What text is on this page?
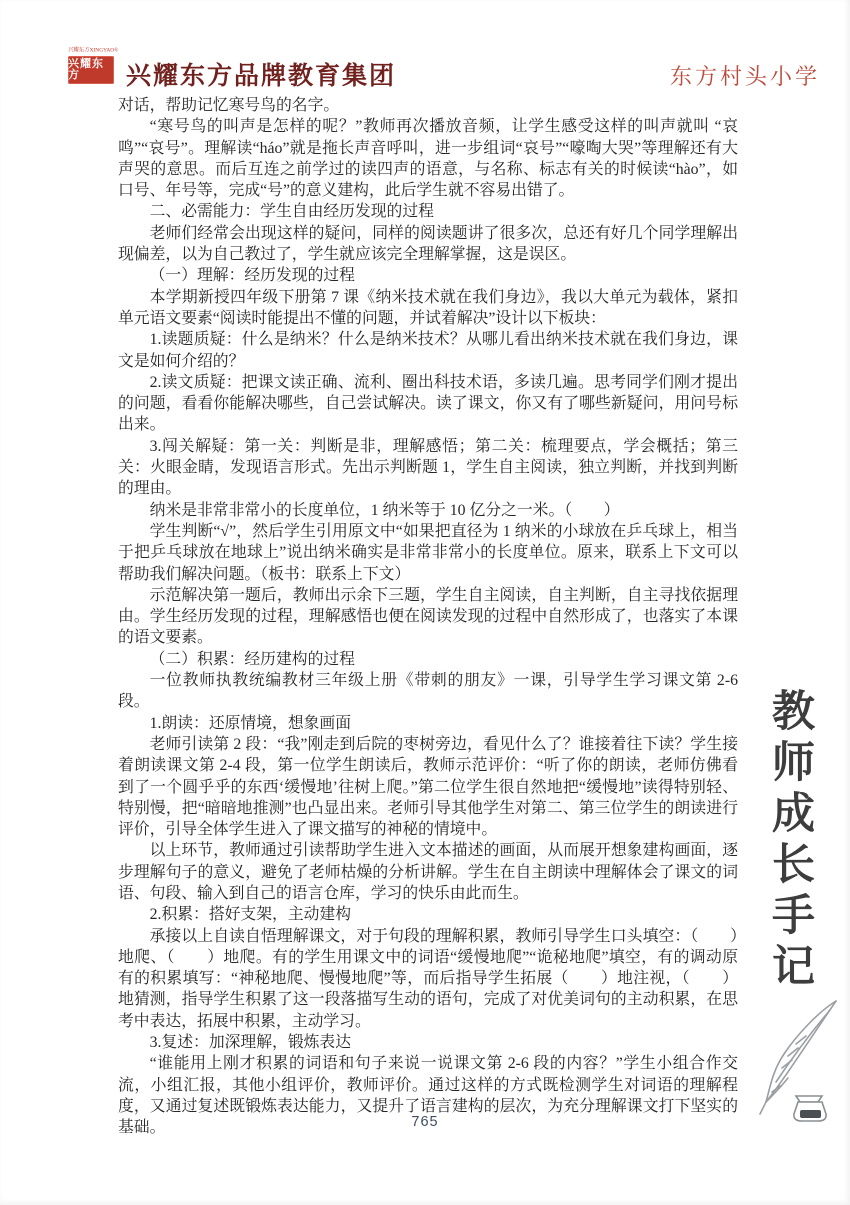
兴耀东方XINGYAO®
兴耀东方	兴耀东方品牌教育集团	东方村头小学

对话，帮助记忆寒号鸟的名字。

“寒号鸟的叫声是怎样的呢？”教师再次播放音频，让学生感受这样的叫声就叫 “哀鸣”“哀号”。理解读“háo”就是拖长声音呼叫，进一步组词“哀号”“嚎啕大哭”等理解还有大声哭的意思。而后互连之前学过的读四声的语意，与名称、标志有关的时候读“hào”，如口号、年号等，完成“号”的意义建构，此后学生就不容易出错了。

二、必需能力：学生自由经历发现的过程

老师们经常会出现这样的疑问，同样的阅读题讲了很多次，总还有好几个同学理解出现偏差，以为自己教过了，学生就应该完全理解掌握，这是误区。

（一）理解：经历发现的过程

本学期新授四年级下册第 7 课《纳米技术就在我们身边》，我以大单元为载体，紧扣单元语文要素“阅读时能提出不懂的问题，并试着解决”设计以下板块：

1.读题质疑：什么是纳米？什么是纳米技术？从哪儿看出纳米技术就在我们身边，课文是如何介绍的？

2.读文质疑：把课文读正确、流利、圈出科技术语，多读几遍。思考同学们刚才提出的问题，看看你能解决哪些，自己尝试解决。读了课文，你又有了哪些新疑问，用问号标出来。

3.闯关解疑：第一关：判断是非，理解感悟；第二关：梳理要点，学会概括；第三关：火眼金睛，发现语言形式。先出示判断题 1，学生自主阅读，独立判断，并找到判断的理由。

纳米是非常非常小的长度单位，1 纳米等于 10 亿分之一米。（　　）

学生判断“√”，然后学生引用原文中“如果把直径为 1 纳米的小球放在乒乓球上，相当于把乒乓球放在地球上”说出纳米确实是非常非常小的长度单位。原来，联系上下文可以帮助我们解决问题。（板书：联系上下文）

示范解决第一题后，教师出示余下三题，学生自主阅读，自主判断，自主寻找依据理由。学生经历发现的过程，理解感悟也便在阅读发现的过程中自然形成了，也落实了本课的语文要素。

（二）积累：经历建构的过程

一位教师执教统编教材三年级上册《带刺的朋友》一课，引导学生学习课文第 2-6 段。

1.朗读：还原情境，想象画面

老师引读第 2 段：“我”刚走到后院的枣树旁边，看见什么了？谁接着往下读？学生接着朗读课文第 2-4 段，第一位学生朗读后，教师示范评价：“听了你的朗读，老师仿佛看到了一个圆乎乎的东西‘缓慢地’往树上爬。”第二位学生很自然地把“缓慢地”读得特别轻、特别慢，把“暗暗地推测”也凸显出来。老师引导其他学生对第二、第三位学生的朗读进行评价，引导全体学生进入了课文描写的神秘的情境中。

以上环节，教师通过引读帮助学生进入文本描述的画面，从而展开想象建构画面，逐步理解句子的意义，避免了老师枯燥的分析讲解。学生在自主朗读中理解体会了课文的词语、句段、输入到自己的语言仓库，学习的快乐由此而生。

2.积累：搭好支架，主动建构

承接以上自读自悟理解课文，对于句段的理解积累，教师引导学生口头填空：（　　）地爬、（　　）地爬。有的学生用课文中的词语“缓慢地爬”“诡秘地爬”填空，有的调动原有的积累填写：“神秘地爬、慢慢地爬”等，而后指导学生拓展（　　）地注视，（　　）地猜测，指导学生积累了这一段落描写生动的语句，完成了对优美词句的主动积累，在思考中表达，拓展中积累，主动学习。

3.复述：加深理解，锻炼表达

“谁能用上刚才积累的词语和句子来说一说课文第 2-6 段的内容？”学生小组合作交流，小组汇报，其他小组评价，教师评价。通过这样的方式既检测学生对词语的理解程度，又通过复述既锻炼表达能力，又提升了语言建构的层次，为充分理解课文打下坚实的基础。

教师成长手记
765
